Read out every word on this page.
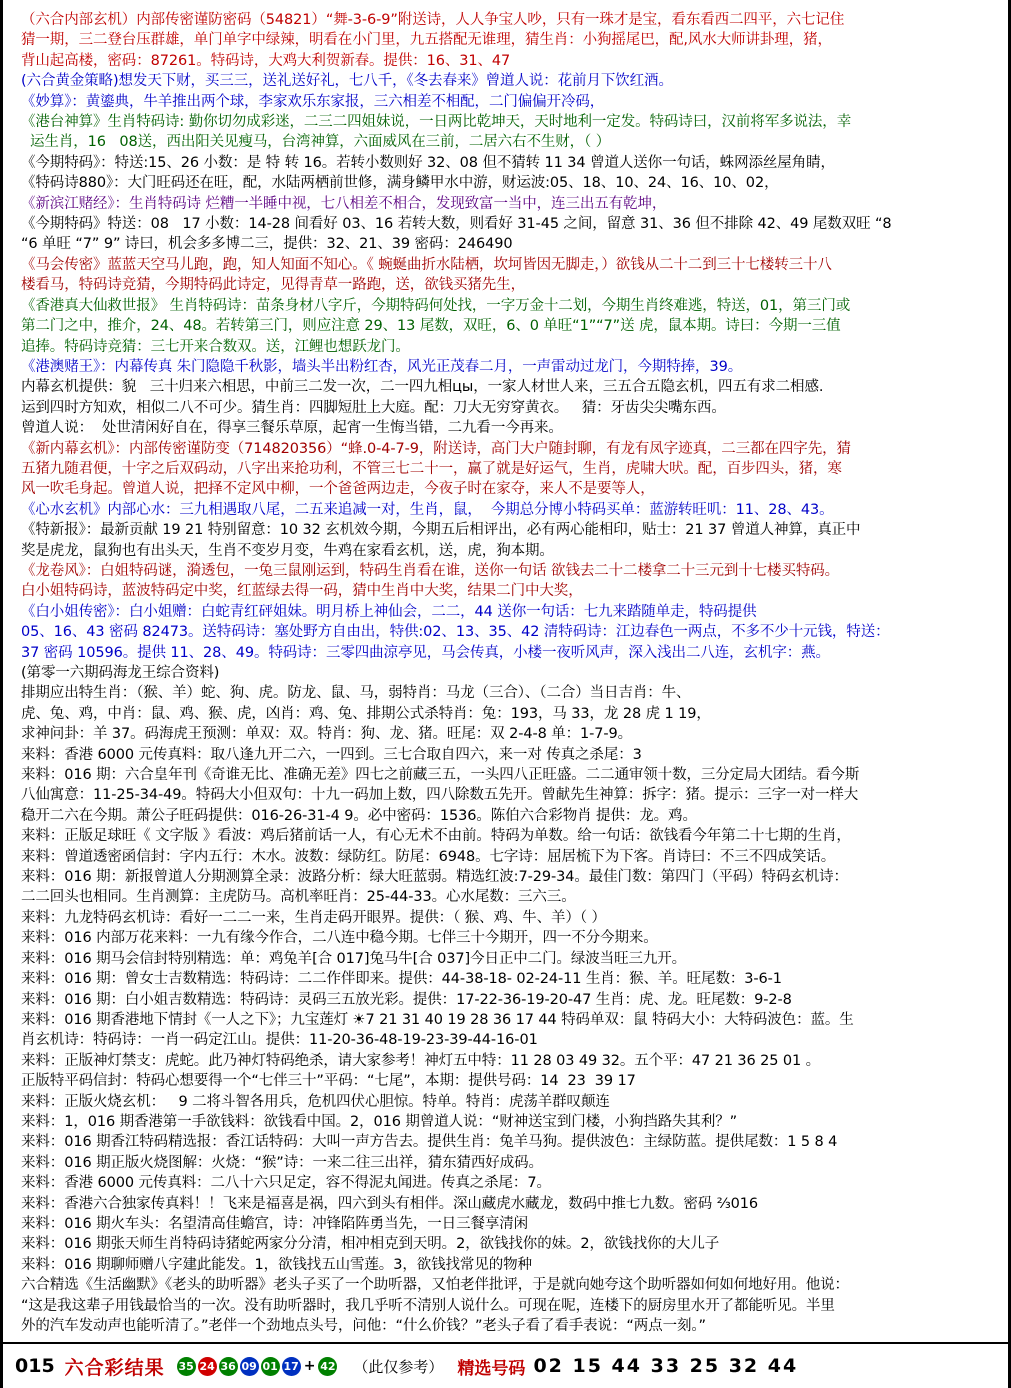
（六合内部玄机）内部传密谨防密码（54821）“舞-3-6-9”附送诗，人人争宝人吵，只有一珠才是宝，看东看西二四平，六七记住
猜一期，三二登台压群雄，单门单字中绿辣，明看在小门里，九五搭配无谁理，猜生肖：小狗摇尾巴，配,风水大师讲卦理，猪，
背山起高楼，密码：87261。特码诗，大鸡大利贺新春。提供：16、31、47
(六合黄金策略)想发天下财，买三三，送礼送好礼，七八千，《冬去春来》曾道人说：花前月下饮红酒。
《妙算》：黄鎏典，牛羊推出两个球，李家欢乐东家报，三六相差不相配，二门偏偏开冷码，
《港台神算》生肖特码诗: 勤你切勿成彩迷，二三二四姐妹说，一日两比乾坤天，天时地利一定发。特码诗曰，汉前将军多说法，幸
运生肖，16   08送，西出阳关见瘦马，台湾神算，六面威风在三前，二居六右不生财，（ ）
《今期特码》：特送:15、26 小数：是 特 转 16。若转小数则好 32、08 但不猜转 11 34 曾道人送你一句话，蛛网添丝屋角睛，
《特码诗880》：大门旺码还在旺，配，水陆两栖前世修，满身鳞甲水中游，财运波:05、18、10、24、16、10、02，
《新滨江赌经》：生肖特码诗 烂糟一半睡中视，七八相差不相合，发现致富一当中，连三出五有乾坤，
《今期特码》特送：08   17 小数：14-28 间看好 03、16 若转大数，则看好 31-45 之间，留意 31、36 但不排除 42、49 尾数双旺 “8
“6 单旺 “7” 9” 诗曰，机会多多博二三，提供：32、21、39 密码：246490
《马会传密》蓝蓝天空马儿跑，跑，知人知面不知心。《 蜿蜒曲折水陆栖，坎坷皆因无脚走，）欲钱从二十二到三十七楼转三十八
楼看马，特码诗竞猜，今期特码此诗定，见得青草一路跑，送，欲钱买猪先生，
《香港真大仙救世报》 生肖特码诗：苗条身材八字斤，今期特码何处找，一字万金十二划，今期生肖终难逃，特送，01，第三门或
第二门之中，推介，24、48。若转第三门，则应注意 29、13 尾数，双旺，6、0 单旺“1”“7”送 虎，鼠本期。诗曰：今期一三值
追捧。特码诗竞猜：三七开来合数双。送，江鲤也想跃龙门。
《港澳赌王》：内幕传真 朱门隐隐千秋影，墙头半出粉红杏，风光正茂春二月，一声雷动过龙门，今期特捧，39。
内幕玄机提供：貌   三十归来六相思，中前三二发一次，二一四九相цы，一家人材世人来，三五合五隐玄机，四五有求二相感.
运到四时方知欢，相似二八不可少。猜生肖：四脚短肚上大庭。配：刀大无穷穿黄衣。   猜：牙齿尖尖嘴东西。
曾道人说：  处世清闲好自在，得享三餐乐草原，起宵一生悔当错，二九看一今再来。
《新内幕玄机》：内部传密谨防变（714820356）“蜂.0-4-7-9，附送诗，高门大户随封聊，有龙有凤字迹真，二三都在四字先，猜
五猪九随君便，十字之后双码动，八字出来抢功利，不管三七二十一，赢了就是好运气，生肖，虎啸大吠。配，百步四头，猪，寒
风一吹毛身起。曾道人说，把择不定风中柳，一个爸爸两边走，今夜子时在家夺，来人不是要等人，
《心水玄机》内部心水：三九相遇取八尾，二五来追减一对，生肖，鼠，  今期总分博小特码买单：蓝游转旺叽：11、28、43。
《特新报》：最新贡献 19 21 特别留意：10 32 玄机效今期，今期五后相评出，必有两心能相印，贴士：21 37 曾道人神算，真正中
奖是虎龙，鼠狗也有出头天，生肖不变岁月变，牛鸡在家看玄机，送，虎，狗本期。
《龙卷风》：白姐特码谜，漪透包，一兔三鼠刚运到，特码生肖看在谁，送你一句话 欲钱去二十二楼拿二十三元到十七楼买特码。
白小姐特码诗，蓝波特码定中奖，红蓝绿去得一码，猜中生肖中大奖，结果二门中大奖，
《白小姐传密》：白小姐赠：白蛇青红砰姐妹。明月桥上神仙会，二二，44 送你一句话：七九来踏随单走，特码提供
05、16、43 密码 82473。送特码诗：塞处野方自由出，特供:02、13、35、42 清特码诗：江边春色一两点，不多不少十元钱，特送：
37 密码 10596。提供 11、28、49。特码诗：三零四曲涼亭见，马会传真，小楼一夜听风声，深入浅出二八连，玄机字：燕。
(第零一六期码海龙王综合资料)
排期应出特生肖：（猴、羊）蛇、狗、虎。防龙、鼠、马，弱特肖：马龙（三合）、（二合）当日吉肖：牛、
虎、兔、鸡，中肖：鼠、鸡、猴、虎，凶肖：鸡、兔、排期公式杀特肖：兔：193，马 33，龙 28 虎 1 19，
求神问卦：羊 37。码海虎王预测：单双：双。特肖：狗、龙、猪。旺尾：双 2-4-8 单：1-7-9。
来料：香港 6000 元传真料：取八逢九开二六，一四到。三七合取自四六，来一对 传真之杀尾：3
来料：016 期：六合皇年刊《奇谁无比、准确无差》四七之前藏三五，一头四八正旺盛。二二通审领十数，三分定局大团结。看今斯
八仙寓意：11-25-34-49。特码大小但双句：十九一码加上数，四八除数五先开。曾献先生神算：拆字：猪。提示：三字一对一样大
稳开二六在今期。萧公子旺码提供：016-26-31-4 9。必中密码：1536。陈伯六合彩物肖 提供：龙。鸡。
来料：正版足球旺《 文字版 》看波：鸡后猪前话一人，有心无术不由前。特码为单数。给一句话：欲钱看今年第二十七期的生肖，
来料：曾道透密函信封：字内五行：木水。波数：绿防红。防尾：6948。七字诗：屈居梳下为下客。肖诗曰：不三不四成笑话。
来料：016 期：新报曾道人分期测算全录：波路分析：绿大旺蓝弱。精选红波:7-29-34。最佳门数：第四门（平码）特码玄机诗：
二二回头也相同。生肖测算：主虎防马。高机率旺肖：25-44-33。心水尾数：三六三。
来料：九龙特码玄机诗：看好一二二一来，生肖走码开眼界。提供：（ 猴、鸡、牛、羊）（ ）
来料：016 内部万花来料：一九有缘今作合，二八连中稳今期。七伴三十今期开，四一不分今期来。
来料：016 期马会信封特别精选：单：鸡兔羊[合 017]兔马牛[合 037]今日正中二门。绿波当旺三九开。
来料：016 期：曾女士吉数精选：特码诗：二二作伴即来。提供：44-38-18- 02-24-11 生肖：猴、羊。旺尾数：3-6-1
来料：016 期：白小姐吉数精选：特码诗：灵码三五放光彩。提供：17-22-36-19-20-47 生肖：虎、龙。旺尾数：9-2-8
来料：016 期香港地下情封《一人之下》；九宝莲灯 ☀7 21 31 40 19 28 36 17 44 特码单双：鼠 特码大小：大特码波色：蓝。生
肖玄机诗：特码诗：一肖一码定江山。提供：11-20-36-48-19-23-39-44-16-01
来料：正版神灯禁支：虎蛇。此乃神灯特码绝杀，请大家参考！神灯五中特：11 28 03 49 32。五个平：47 21 36 25 01 。
正版特平码信封：特码心想要得一个“七伴三十”平码：“七尾”，本期：提供号码：14  23  39 17
来料：正版火烧玄机：   9 二将斗智各用兵，危机四伏心胆惊。特单。特肖：虎荡羊群叹颠连
来料：1，016 期香港第一手欲钱料：欲钱看中国。2，016 期曾道人说：“财神送宝到门楼，小狗挡路失其利？”
来料：016 期香江特码精选报：香江话特码：大叫一声方告去。提供生肖：兔羊马狗。提供波色：主绿防蓝。提供尾数：1 5 8 4
来料：016 期正版火烧图解：火烧：“猴”诗：一来二往三出祥，猜东猜西好成码。
来料：香港 6000 元传真料：二八十六只足定，容不得泥丸闻进。传真之杀尾：7。
来料：香港六合独家传真料！！飞来是福喜是祸，四六到头有相伴。深山藏虎水藏龙，数码中推七九数。密码 ⅔016
来料：016 期火车头：名望清高佳蟾宫，诗：冲锋陷阵勇当先，一日三餐享清闲
来料：016 期张天师生肖特码诗猪蛇两家分分清，相冲相克到天明。2，欲钱找你的妹。2，欲钱找你的大儿子
来料：016 期聊师赠八字建此能发。1，欲钱找五山雪莲。3，欲钱找常见的物种
六合精选《生活幽默》《老头的助听器》老头子买了一个助听器，又怕老伴批评，于是就向她夸这个助听器如何如何地好用。他说：
“这是我这辈子用钱最恰当的一次。没有助听器时，我几乎听不清别人说什么。可现在呢，连楼下的厨房里水开了都能听见。半里
外的汽车发动声也能听清了。”老伴一个劲地点头号，问他：“什么价钱？”老头子看了看手表说：“两点一刻。”
015 六合彩结果 35 24 36 09 01 17 + 42 （此仅参考） 精选号码 02 15 44 33 25 32 44
